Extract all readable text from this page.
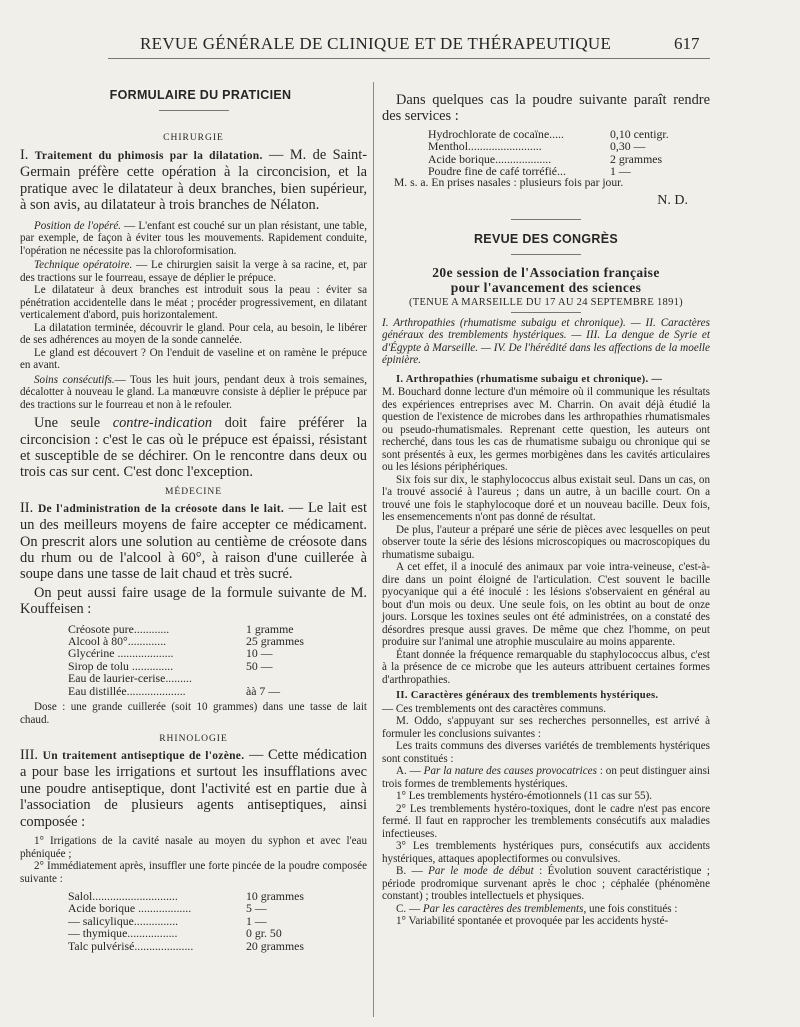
REVUE GÉNÉRALE DE CLINIQUE ET DE THÉRAPEUTIQUE	617

FORMULAIRE DU PRATICIEN

CHIRURGIE

I. Traitement du phimosis par la dilatation. — M. de Saint-Germain préfère cette opération à la circoncision, et la pratique avec le dilatateur à deux branches, bien supérieur, à son avis, au dilatateur à trois branches de Nélaton.

Position de l'opéré. — L'enfant est couché sur un plan résistant, une table, par exemple, de façon à éviter tous les mouvements. Rapidement conduite, l'opération ne nécessite pas la chloroformisation.

Technique opératoire. — Le chirurgien saisit la verge à sa racine, et, par des tractions sur le fourreau, essaye de déplier le prépuce.

Le dilatateur à deux branches est introduit sous la peau : éviter sa pénétration accidentelle dans le méat ; procéder progressivement, en dilatant verticalement d'abord, puis horizontalement.

La dilatation terminée, découvrir le gland. Pour cela, au besoin, le libérer de ses adhérences au moyen de la sonde cannelée.

Le gland est découvert ? On l'enduit de vaseline et on ramène le prépuce en avant.

Soins consécutifs.— Tous les huit jours, pendant deux à trois semaines, décalotter à nouveau le gland. La manœuvre consiste à déplier le prépuce par des tractions sur le fourreau et non à le refouler.

Une seule contre-indication doit faire préférer la circoncision : c'est le cas où le prépuce est épaissi, résistant et susceptible de se déchirer. On le rencontre dans deux ou trois cas sur cent. C'est donc l'exception.

MÉDECINE

II. De l'administration de la créosote dans le lait. — Le lait est un des meilleurs moyens de faire accepter ce médicament. On prescrit alors une solution au centième de créosote dans du rhum ou de l'alcool à 60°, à raison d'une cuillerée à soupe dans une tasse de lait chaud et très sucré.

On peut aussi faire usage de la formule suivante de M. Kouffeisen :

Créosote pure............	1 gramme
Alcool à 80°.............	25 grammes
Glycérine ...................	10 —
Sirop de tolu ..............	50 —
Eau de laurier-cerise.........	
Eau distillée....................	àà 7 —

Dose : une grande cuillerée (soit 10 grammes) dans une tasse de lait chaud.

RHINOLOGIE

III. Un traitement antiseptique de l'ozène. — Cette médication a pour base les irrigations et surtout les insufflations avec une poudre antiseptique, dont l'activité est en partie due à l'association de plusieurs agents antiseptiques, ainsi composée :

1° Irrigations de la cavité nasale au moyen du syphon et avec l'eau phéniquée ;

2° Immédiatement après, insuffler une forte pincée de la poudre composée suivante :

Salol.............................	10 grammes
Acide borique ..................	5 —
— salicylique...............	1 —
— thymique.................	0 gr. 50
Talc pulvérisé....................	20 grammes

Dans quelques cas la poudre suivante paraît rendre des services :

Hydrochlorate de cocaïne.....	0,10 centigr.
Menthol.........................	0,30 —
Acide borique...................	2 grammes
Poudre fine de café torréfié...	1 —

M. s. a. En prises nasales : plusieurs fois par jour.

N. D.

REVUE DES CONGRÈS

20e session de l'Association française

pour l'avancement des sciences

(TENUE A MARSEILLE DU 17 AU 24 SEPTEMBRE 1891)

I. Arthropathies (rhumatisme subaigu et chronique). — II. Caractères généraux des tremblements hystériques. — III. La dengue de Syrie et d'Égypte à Marseille. — IV. De l'hérédité dans les affections de la moelle épinière.

I. Arthropathies (rhumatisme subaigu et chronique). —

M. Bouchard donne lecture d'un mémoire où il communique les résultats des expériences entreprises avec M. Charrin. On avait déjà étudié la question de l'existence de microbes dans les arthropathies rhumatismales ou pseudo-rhumatismales. Reprenant cette question, les auteurs ont recherché, dans tous les cas de rhumatisme subaigu ou chronique qui se sont présentés à eux, les germes morbigènes dans les cavités articulaires ou les lésions périphériques.

Six fois sur dix, le staphylococcus albus existait seul. Dans un cas, on l'a trouvé associé à l'aureus ; dans un autre, à un bacille court. On a trouvé une fois le staphylocoque doré et un nouveau bacille. Deux fois, les ensemencements n'ont pas donné de résultat.

De plus, l'auteur a préparé une série de pièces avec lesquelles on peut observer toute la série des lésions microscopiques ou macroscopiques du rhumatisme subaigu.

A cet effet, il a inoculé des animaux par voie intra-veineuse, c'est-à-dire dans un point éloigné de l'articulation. C'est souvent le bacille pyocyanique qui a été inoculé : les lésions s'observaient en général au bout d'un mois ou deux. Une seule fois, on les obtint au bout de onze jours. Lorsque les toxines seules ont été administrées, on a constaté des désordres presque aussi graves. De même que chez l'homme, on peut produire sur l'animal une atrophie musculaire au moins apparente.

Étant donnée la fréquence remarquable du staphylococcus albus, c'est à la présence de ce microbe que les auteurs attribuent certaines formes d'arthropathies.

II. Caractères généraux des tremblements hystériques.

— Ces tremblements ont des caractères communs.

M. Oddo, s'appuyant sur ses recherches personnelles, est arrivé à formuler les conclusions suivantes :

Les traits communs des diverses variétés de tremblements hystériques sont constitués :

A. — Par la nature des causes provocatrices : on peut distinguer ainsi trois formes de tremblements hystériques.

1° Les tremblements hystéro-émotionnels (11 cas sur 55).

2° Les tremblements hystéro-toxiques, dont le cadre n'est pas encore fermé. Il faut en rapprocher les tremblements consécutifs aux maladies infectieuses.

3° Les tremblements hystériques purs, consécutifs aux accidents hystériques, attaques apoplectiformes ou convulsives.

B. — Par le mode de début : Évolution souvent caractéristique ; période prodromique survenant après le choc ; céphalée (phénomène constant) ; troubles intellectuels et physiques.

C. — Par les caractères des tremblements, une fois constitués :

1° Variabilité spontanée et provoquée par les accidents hysté-
